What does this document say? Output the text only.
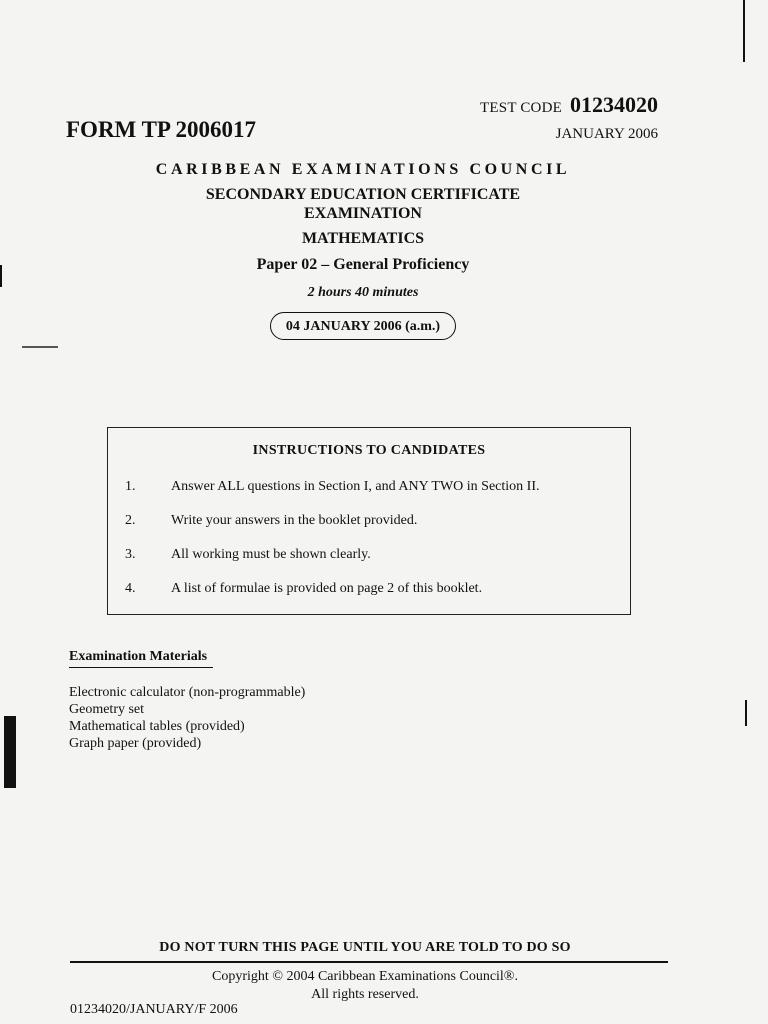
TEST CODE 01234020
FORM TP 2006017	JANUARY 2006
CARIBBEAN EXAMINATIONS COUNCIL
SECONDARY EDUCATION CERTIFICATE
EXAMINATION
MATHEMATICS
Paper 02 – General Proficiency
2 hours 40 minutes
04 JANUARY 2006 (a.m.)
INSTRUCTIONS TO CANDIDATES
1.	Answer ALL questions in Section I, and ANY TWO in Section II.
2.	Write your answers in the booklet provided.
3.	All working must be shown clearly.
4.	A list of formulae is provided on page 2 of this booklet.
Examination Materials
Electronic calculator (non-programmable)
Geometry set
Mathematical tables (provided)
Graph paper (provided)
DO NOT TURN THIS PAGE UNTIL YOU ARE TOLD TO DO SO
Copyright © 2004 Caribbean Examinations Council®.
All rights reserved.
01234020/JANUARY/F 2006
